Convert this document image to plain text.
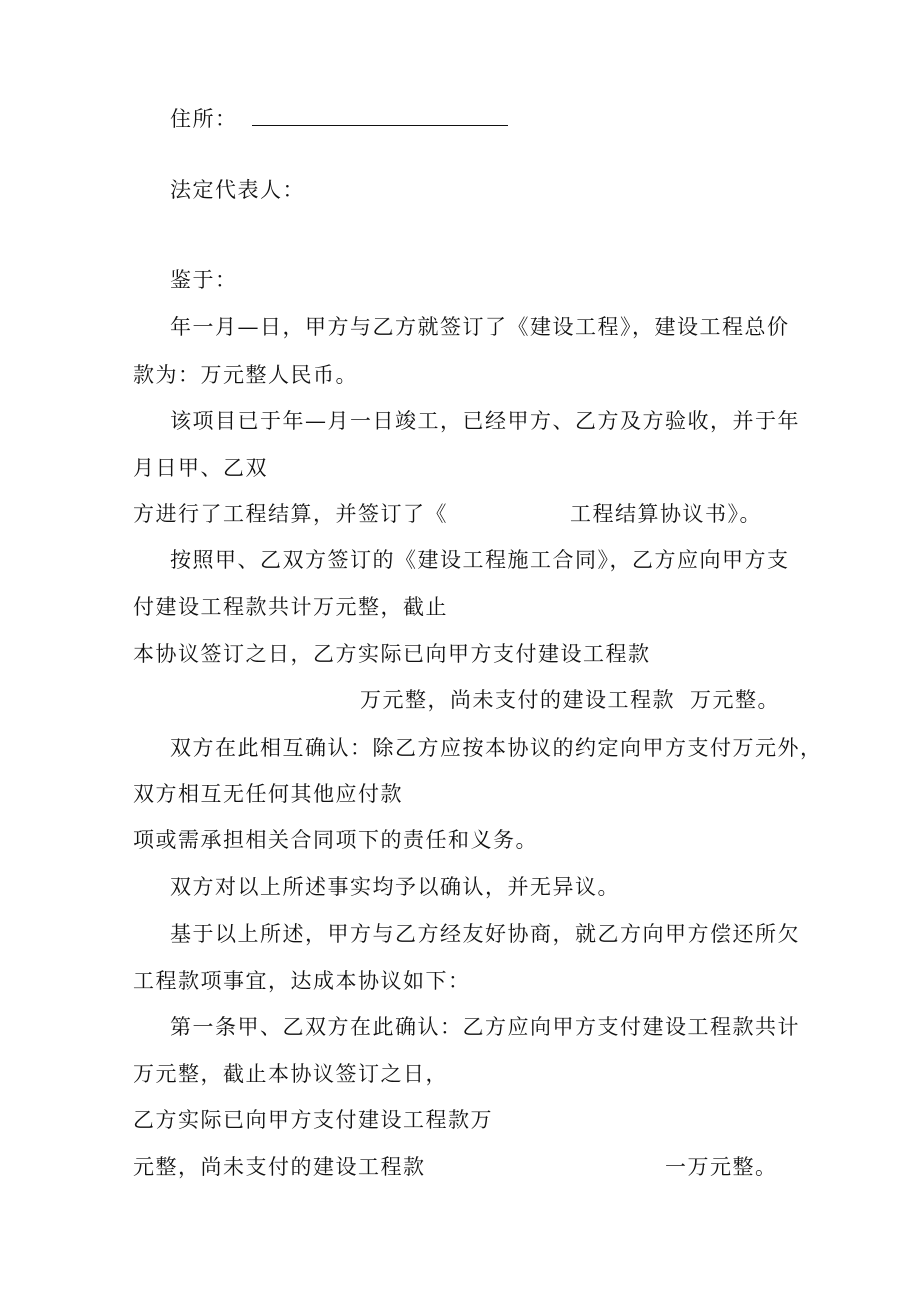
住所：
法定代表人：
鉴于：
年一月—日，甲方与乙方就签订了《建设工程》，建设工程总价
款为：万元整人民币。
该项目已于年—月一日竣工，已经甲方、乙方及方验收，并于年
月日甲、乙双
方进行了工程结算，并签订了《	工程结算协议书》。
按照甲、乙双方签订的《建设工程施工合同》，乙方应向甲方支
付建设工程款共计万元整，截止
本协议签订之日，乙方实际已向甲方支付建设工程款
万元整，尚未支付的建设工程款 万元整。
双方在此相互确认：除乙方应按本协议的约定向甲方支付万元外，
双方相互无任何其他应付款
项或需承担相关合同项下的责任和义务。
双方对以上所述事实均予以确认，并无异议。
基于以上所述，甲方与乙方经友好协商，就乙方向甲方偿还所欠
工程款项事宜，达成本协议如下：
第一条甲、乙双方在此确认：乙方应向甲方支付建设工程款共计
万元整，截止本协议签订之日，
乙方实际已向甲方支付建设工程款万
元整，尚未支付的建设工程款	一万元整。
